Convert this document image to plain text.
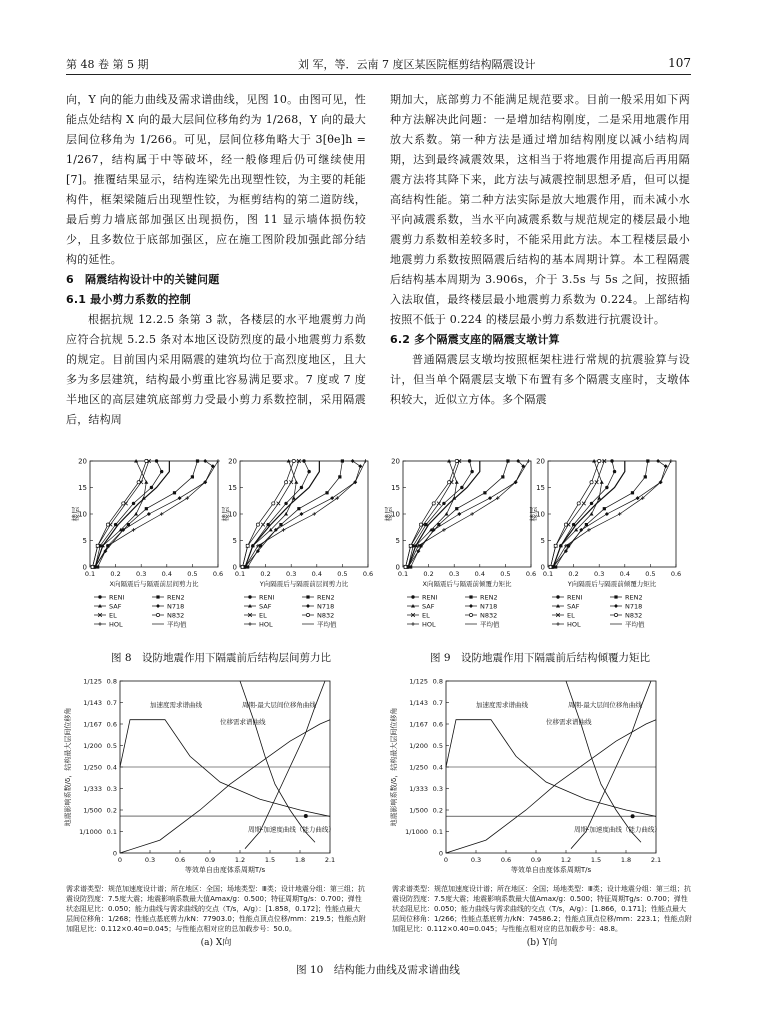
第 48 卷 第 5 期	刘 军，等．云南 7 度区某医院框剪结构隔震设计	107

向，Y 向的能力曲线及需求谱曲线，见图 10。由图可见，性能点处结构 X 向的最大层间位移角约为 1/268，Y 向的最大层间位移角为 1/266。可见，层间位移角略大于 3[θe]h = 1/267，结构属于中等破坏，经一般修理后仍可继续使用[7]。推覆结果显示，结构连梁先出现塑性铰，为主要的耗能构件，框架梁随后出现塑性铰，为框剪结构的第二道防线，最后剪力墙底部加强区出现损伤，图 11 显示墙体损伤较少，且多数位于底部加强区，应在施工图阶段加强此部分结构的延性。

6　隔震结构设计中的关键问题
6.1 最小剪力系数的控制

根据抗规 12.2.5 条第 3 款，各楼层的水平地震剪力尚应符合抗规 5.2.5 条对本地区设防烈度的最小地震剪力系数的规定。目前国内采用隔震的建筑均位于高烈度地区，且大多为多层建筑，结构最小剪重比容易满足要求。7 度或 7 度半地区的高层建筑底部剪力受最小剪力系数控制，采用隔震后，结构周

期加大，底部剪力不能满足规范要求。目前一般采用如下两种方法解决此问题：一是增加结构刚度，二是采用地震作用放大系数。第一种方法是通过增加结构刚度以减小结构周期，达到最终减震效果，这相当于将地震作用提高后再用隔震方法将其降下来，此方法与减震控制思想矛盾，但可以提高结构性能。第二种方法实际是放大地震作用，而未减小水平向减震系数，当水平向减震系数与规范规定的楼层最小地震剪力系数相差较多时，不能采用此方法。本工程楼层最小地震剪力系数按照隔震后结构的基本周期计算。本工程隔震后结构基本周期为 3.906s，介于 3.5s 与 5s 之间，按照插入法取值，最终楼层最小地震剪力系数为 0.224。上部结构按照不低于 0.224 的楼层最小剪力系数进行抗震设计。

6.2 多个隔震支座的隔震支墩计算

普通隔震层支墩均按照框架柱进行常规的抗震验算与设计，但当单个隔震层支墩下布置有多个隔震支座时，支墩体积较大，近似立方体。多个隔震

0
5
10
15
20
0.1 0.2 0.3 0.4 0.5 0.6
楼层
X向隔震后与隔震前层间剪力比
RENI	REN2
SAF	N718
EL	N832
HOL	平均值
0
5
10
15
20
0.1 0.2 0.3 0.4 0.5 0.6
楼层
Y向隔震后与隔震前层间剪力比
RENI	REN2
SAF	N718
EL	N832
HOL	平均值
0
5
10
15
20
0.1 0.2 0.3 0.4 0.5 0.6
楼层
X向隔震后与隔震前倾覆力矩比
RENI	REN2
SAF	N718
EL	N832
HOL	平均值
0
5
10
15
20
0.1 0.2 0.3 0.4 0.5 0.6
楼层
Y向隔震后与隔震前倾覆力矩比
RENI	REN2
SAF	N718
EL	N832
HOL	平均值
图 8　设防地震作用下隔震前后结构层间剪力比	图 9　设防地震作用下隔震前后结构倾覆力矩比
0
0.1
1/1000
0.2
1/500
0.3
1/333
0.4
1/250
0.5
1/200
0.6
1/167
0.7
1/143
0.8
1/125
0	0.3	0.6	0.9	1.2	1.5	1.8	2.1
地震影响系数/δ，结构最大层间位移角
等效单自由度体系周期T/s
加速度需求谱曲线	周期-最大层间位移角曲线
位移需求谱曲线
周期-加速度曲线（能力曲线）
0
0.1
1/1000
0.2
1/500
0.3
1/333
0.4
1/250
0.5
1/200
0.6
1/167
0.7
1/143
0.8
1/125
0	0.3	0.6	0.9	1.2	1.5	1.8	2.1
地震影响系数/δ，结构最大层间位移角
等效单自由度体系周期T/s
加速度需求谱曲线	周期-最大层间位移角曲线
位移需求谱曲线
周期-加速度曲线（能力曲线）
需求谱类型：规范加速度设计谱；所在地区：全国；场地类型：Ⅲ类；设计地震分组：第三组；抗震设防烈度：7.5度大震；地震影响系数最大值Amax/g：0.500；特征周期Tg/s：0.700；弹性状态阻尼比：0.050；能力曲线与需求曲线的交点（T/s，A/g）：[1.858，0.172]；性能点最大层间位移角：1/268；性能点基底剪力/kN：77903.0；性能点顶点位移/mm：219.5；性能点附加阻尼比：0.112×0.40=0.045；与性能点相对应的总加载步号：50.0。
需求谱类型：规范加速度设计谱；所在地区：全国；场地类型：Ⅲ类；设计地震分组：第三组；抗震设防烈度：7.5度大震；地震影响系数最大值Amax/g：0.500；特征周期Tg/s：0.700；弹性状态阻尼比：0.050；能力曲线与需求曲线的交点（T/s，A/g）：[1.866，0.171]；性能点最大层间位移角：1/266；性能点基底剪力/kN：74586.2；性能点顶点位移/mm：223.1；性能点附加阻尼比：0.112×0.40=0.045；与性能点相对应的总加载步号：48.8。
(a) X向	(b) Y向
图 10　结构能力曲线及需求谱曲线
